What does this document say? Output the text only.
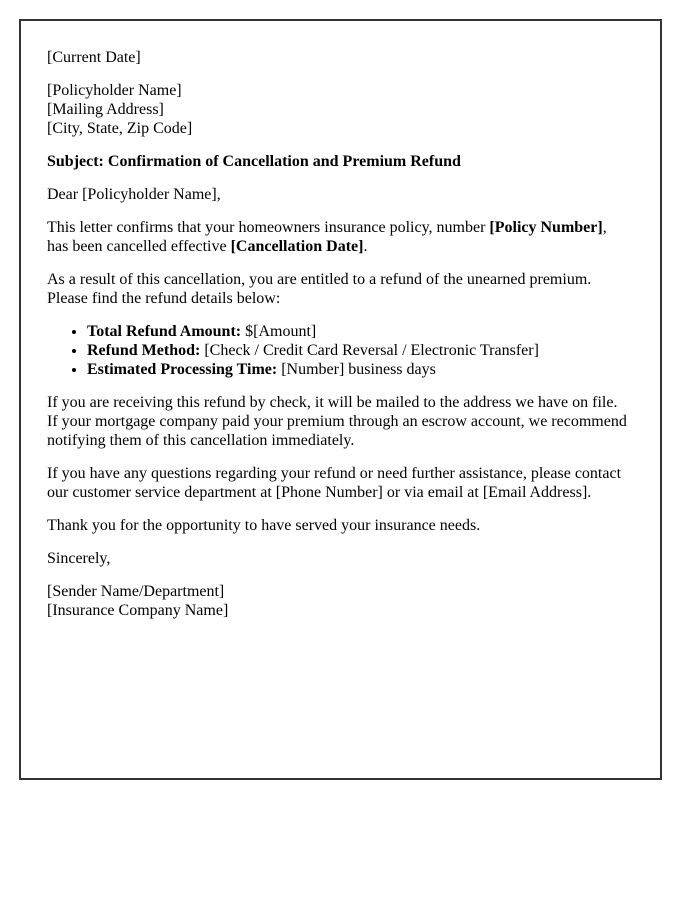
[Current Date]
[Policyholder Name]
[Mailing Address]
[City, State, Zip Code]
Subject: Confirmation of Cancellation and Premium Refund
Dear [Policyholder Name],
This letter confirms that your homeowners insurance policy, number [Policy Number],
has been cancelled effective [Cancellation Date].
As a result of this cancellation, you are entitled to a refund of the unearned premium.
Please find the refund details below:
• Total Refund Amount: $[Amount]
• Refund Method: [Check / Credit Card Reversal / Electronic Transfer]
• Estimated Processing Time: [Number] business days
If you are receiving this refund by check, it will be mailed to the address we have on file.
If your mortgage company paid your premium through an escrow account, we recommend
notifying them of this cancellation immediately.
If you have any questions regarding your refund or need further assistance, please contact
our customer service department at [Phone Number] or via email at [Email Address].
Thank you for the opportunity to have served your insurance needs.
Sincerely,
[Sender Name/Department]
[Insurance Company Name]
